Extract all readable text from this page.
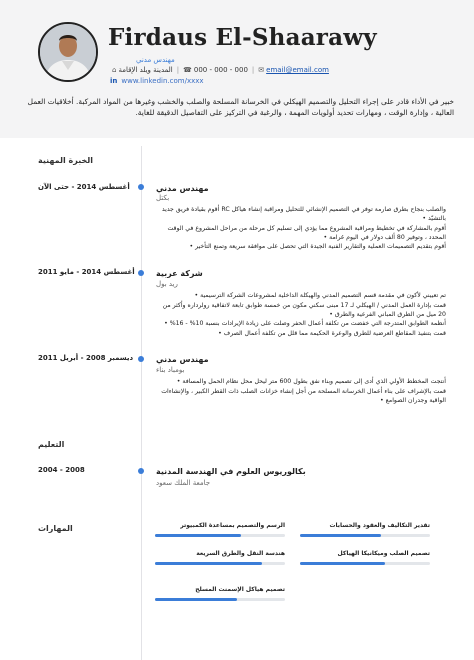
Firdaus El-Shaarawy
مهندس مدني
⌂ المدينة ويلد الإقامة | ☎ 000 - 000 - 000 | ✉ email@email.com
in www.linkedin.com/xxxx
خبير في الأداء قادر على إجراء التحليل والتصميم الهيكلي في الخرسانة المسلحة والصلب والخشب وغيرها من المواد المركبة. أخلاقيات العمل العالية ، وإدارة الوقت ، ومهارات تحديد أولويات المهمة ، والرغبة في التركيز على التفاصيل الدقيقة للغاية.
الخبرة المهنية
أغسطس 2014 - حتى الآن	مهندس مدني
بكتل
والصلب بنجاح بطرق صارمة توفر في التصميم الإنشائي للتحليل ومراقبة إنشاء هياكل RC أقوم بقيادة فريق جديد بالتشيّد •
أقوم بالمشاركة في تخطيط ومراقبة المشروع مما يؤدي إلى تسليم كل مرحلة من مراحل المشروع في الوقت المحدد ، وتوفير 80 ألف دولار في اليوم غرامة •
أقوم بتقديم التصميمات العملية والتقارير الفنية الجيدة التي تحصل على موافقة سريعة وتمنع التأخير •
أغسطس 2014 - مايو 2011	شركة عربية
ريد بول
تم تعييني لأكون في مقدمة قسم التصميم المدني والهيكلة الداخلية لمشروعات الشركة الترسيمية •
قمت بإدارة العمل المدني / الهيكلي لـ 17 مبنى سكني مكون من خمسة طوابق تابعة لاتفاقية رولرداره وأكثر من 20 ميل من الطرق المباني الفرعية والطرق •
أنظمة الطوابق المتدرجة التي خفضت من تكلفة أعمال الحفر وصلت على زيادة الإيرادات بنسبة 10% - 16% •
قمت بتنفيذ المقاطع العرضية للطرق والوعرة الحكيمة مما قلل من تكلفة أعمال الصرف •
ديسمبر 2008 - أبريل 2011	مهندس مدني
بومباد بناء
أنتجت المخطط الأولي الذي أدى إلى تصميم وبناء نفق بطول 600 متر ليحل محل نظام الحمل والمسافة •
قمت بالإشراف على بناء أعمال الخرسانة المسلحة من أجل إنشاء خزانات الصلب ذات القطر الكبير ، والإنشاءات الواقية وجدران الصوامع •
التعليم
2004 - 2008	بكالوريوس العلوم في الهندسة المدنية
جامعة الملك سعود
المهارات	تقدير التكاليف والعقود والحسابات
الرسم والتصميم بمساعدة الكمبيوتر
تصميم الصلب وميكانيكا الهياكل
هندسة النقل والطرق السريعة
تصميم هياكل الإسمنت المسلح
